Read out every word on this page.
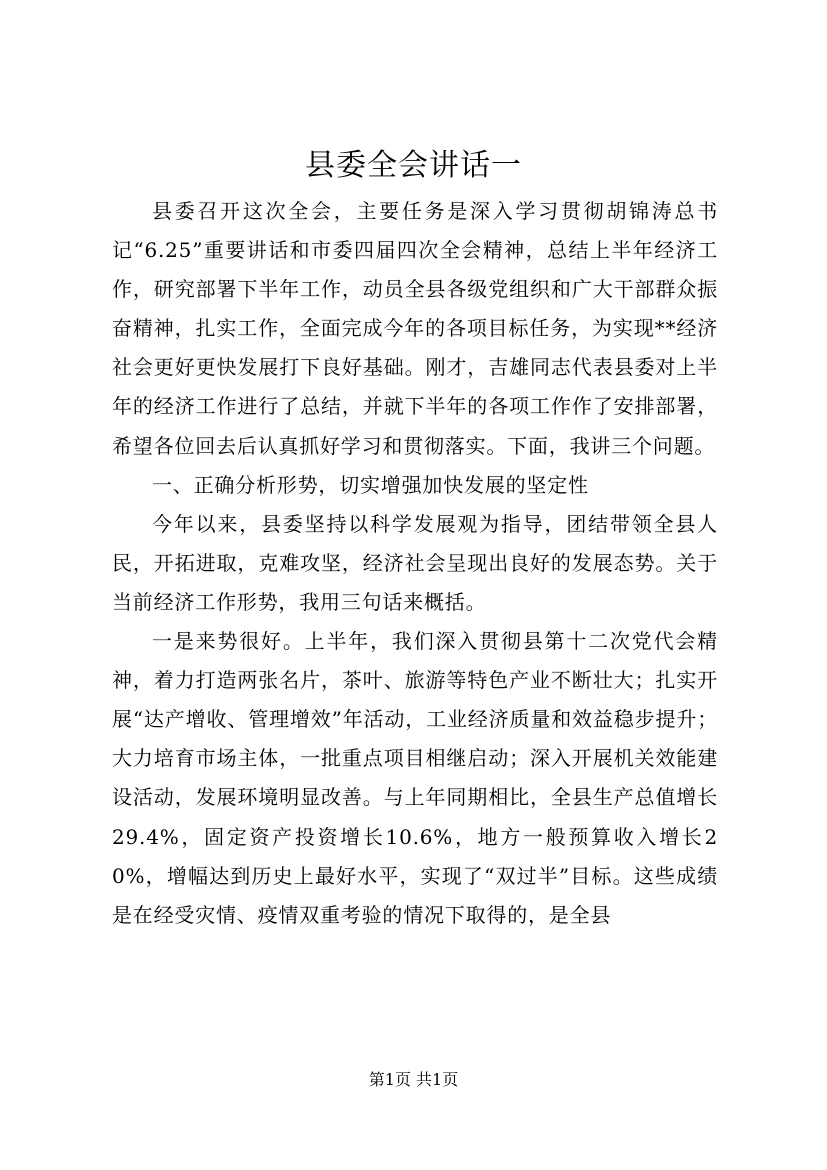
县委全会讲话一

县委召开这次全会，主要任务是深入学习贯彻胡锦涛总书记“6.25”重要讲话和市委四届四次全会精神，总结上半年经济工作，研究部署下半年工作，动员全县各级党组织和广大干部群众振奋精神，扎实工作，全面完成今年的各项目标任务，为实现**经济社会更好更快发展打下良好基础。刚才，吉雄同志代表县委对上半年的经济工作进行了总结，并就下半年的各项工作作了安排部署，希望各位回去后认真抓好学习和贯彻落实。下面，我讲三个问题。

一、正确分析形势，切实增强加快发展的坚定性

今年以来，县委坚持以科学发展观为指导，团结带领全县人民，开拓进取，克难攻坚，经济社会呈现出良好的发展态势。关于当前经济工作形势，我用三句话来概括。

一是来势很好。上半年，我们深入贯彻县第十二次党代会精神，着力打造两张名片，茶叶、旅游等特色产业不断壮大；扎实开展“达产增收、管理增效”年活动，工业经济质量和效益稳步提升；大力培育市场主体，一批重点项目相继启动；深入开展机关效能建设活动，发展环境明显改善。与上年同期相比，全县生产总值增长29.4%，固定资产投资增长10.6%，地方一般预算收入增长20%，增幅达到历史上最好水平，实现了“双过半”目标。这些成绩是在经受灾情、疫情双重考验的情况下取得的，是全县

第1页 共1页
